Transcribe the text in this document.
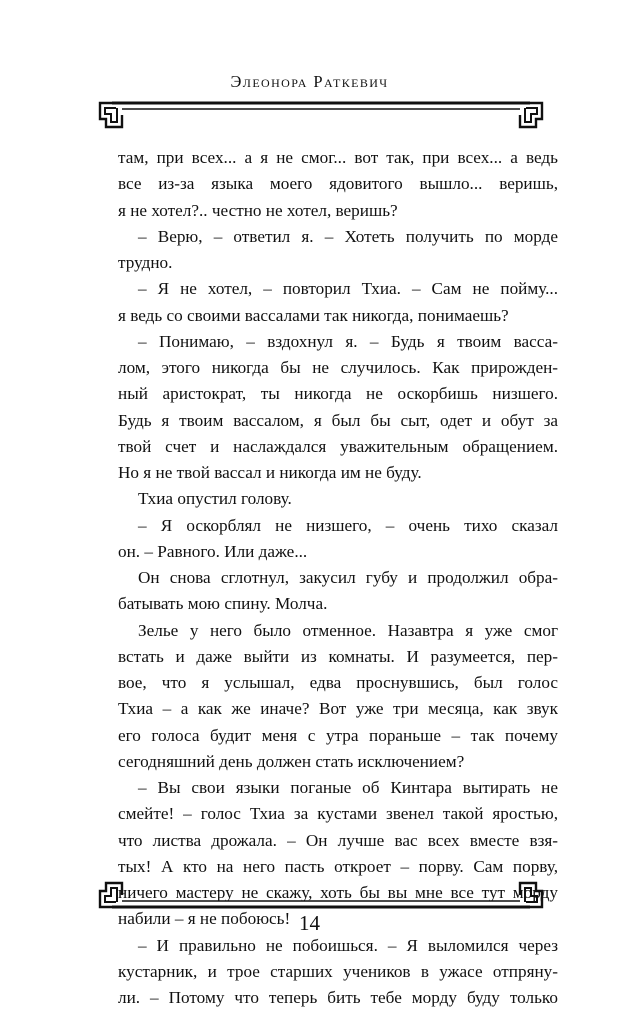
Элеонора Раткевич

там, при всех... а я не смог... вот так, при всех... а ведь

все из-за языка моего ядовитого вышло... веришь,

я не хотел?.. честно не хотел, веришь?

– Верю, – ответил я. – Хотеть получить по морде

трудно.

– Я не хотел, – повторил Тхиа. – Сам не пойму...

я ведь со своими вассалами так никогда, понимаешь?

– Понимаю, – вздохнул я. – Будь я твоим васса-

лом, этого никогда бы не случилось. Как прирожден-

ный аристократ, ты никогда не оскорбишь низшего.

Будь я твоим вассалом, я был бы сыт, одет и обут за

твой счет и наслаждался уважительным обращением.

Но я не твой вассал и никогда им не буду.

Тхиа опустил голову.

– Я оскорблял не низшего, – очень тихо сказал

он. – Равного. Или даже...

Он снова сглотнул, закусил губу и продолжил обра-

батывать мою спину. Молча.

Зелье у него было отменное. Назавтра я уже смог

встать и даже выйти из комнаты. И разумеется, пер-

вое, что я услышал, едва проснувшись, был голос

Тхиа – а как же иначе? Вот уже три месяца, как звук

его голоса будит меня с утра пораньше – так почему

сегодняшний день должен стать исключением?

– Вы свои языки поганые об Кинтара вытирать не

смейте! – голос Тхиа за кустами звенел такой яростью,

что листва дрожала. – Он лучше вас всех вместе взя-

тых! А кто на него пасть откроет – порву. Сам порву,

ничего мастеру не скажу, хоть бы вы мне все тут морду

набили – я не побоюсь!

– И правильно не побоишься. – Я выломился через

кустарник, и трое старших учеников в ужасе отпряну-

ли. – Потому что теперь бить тебе морду буду только

14
